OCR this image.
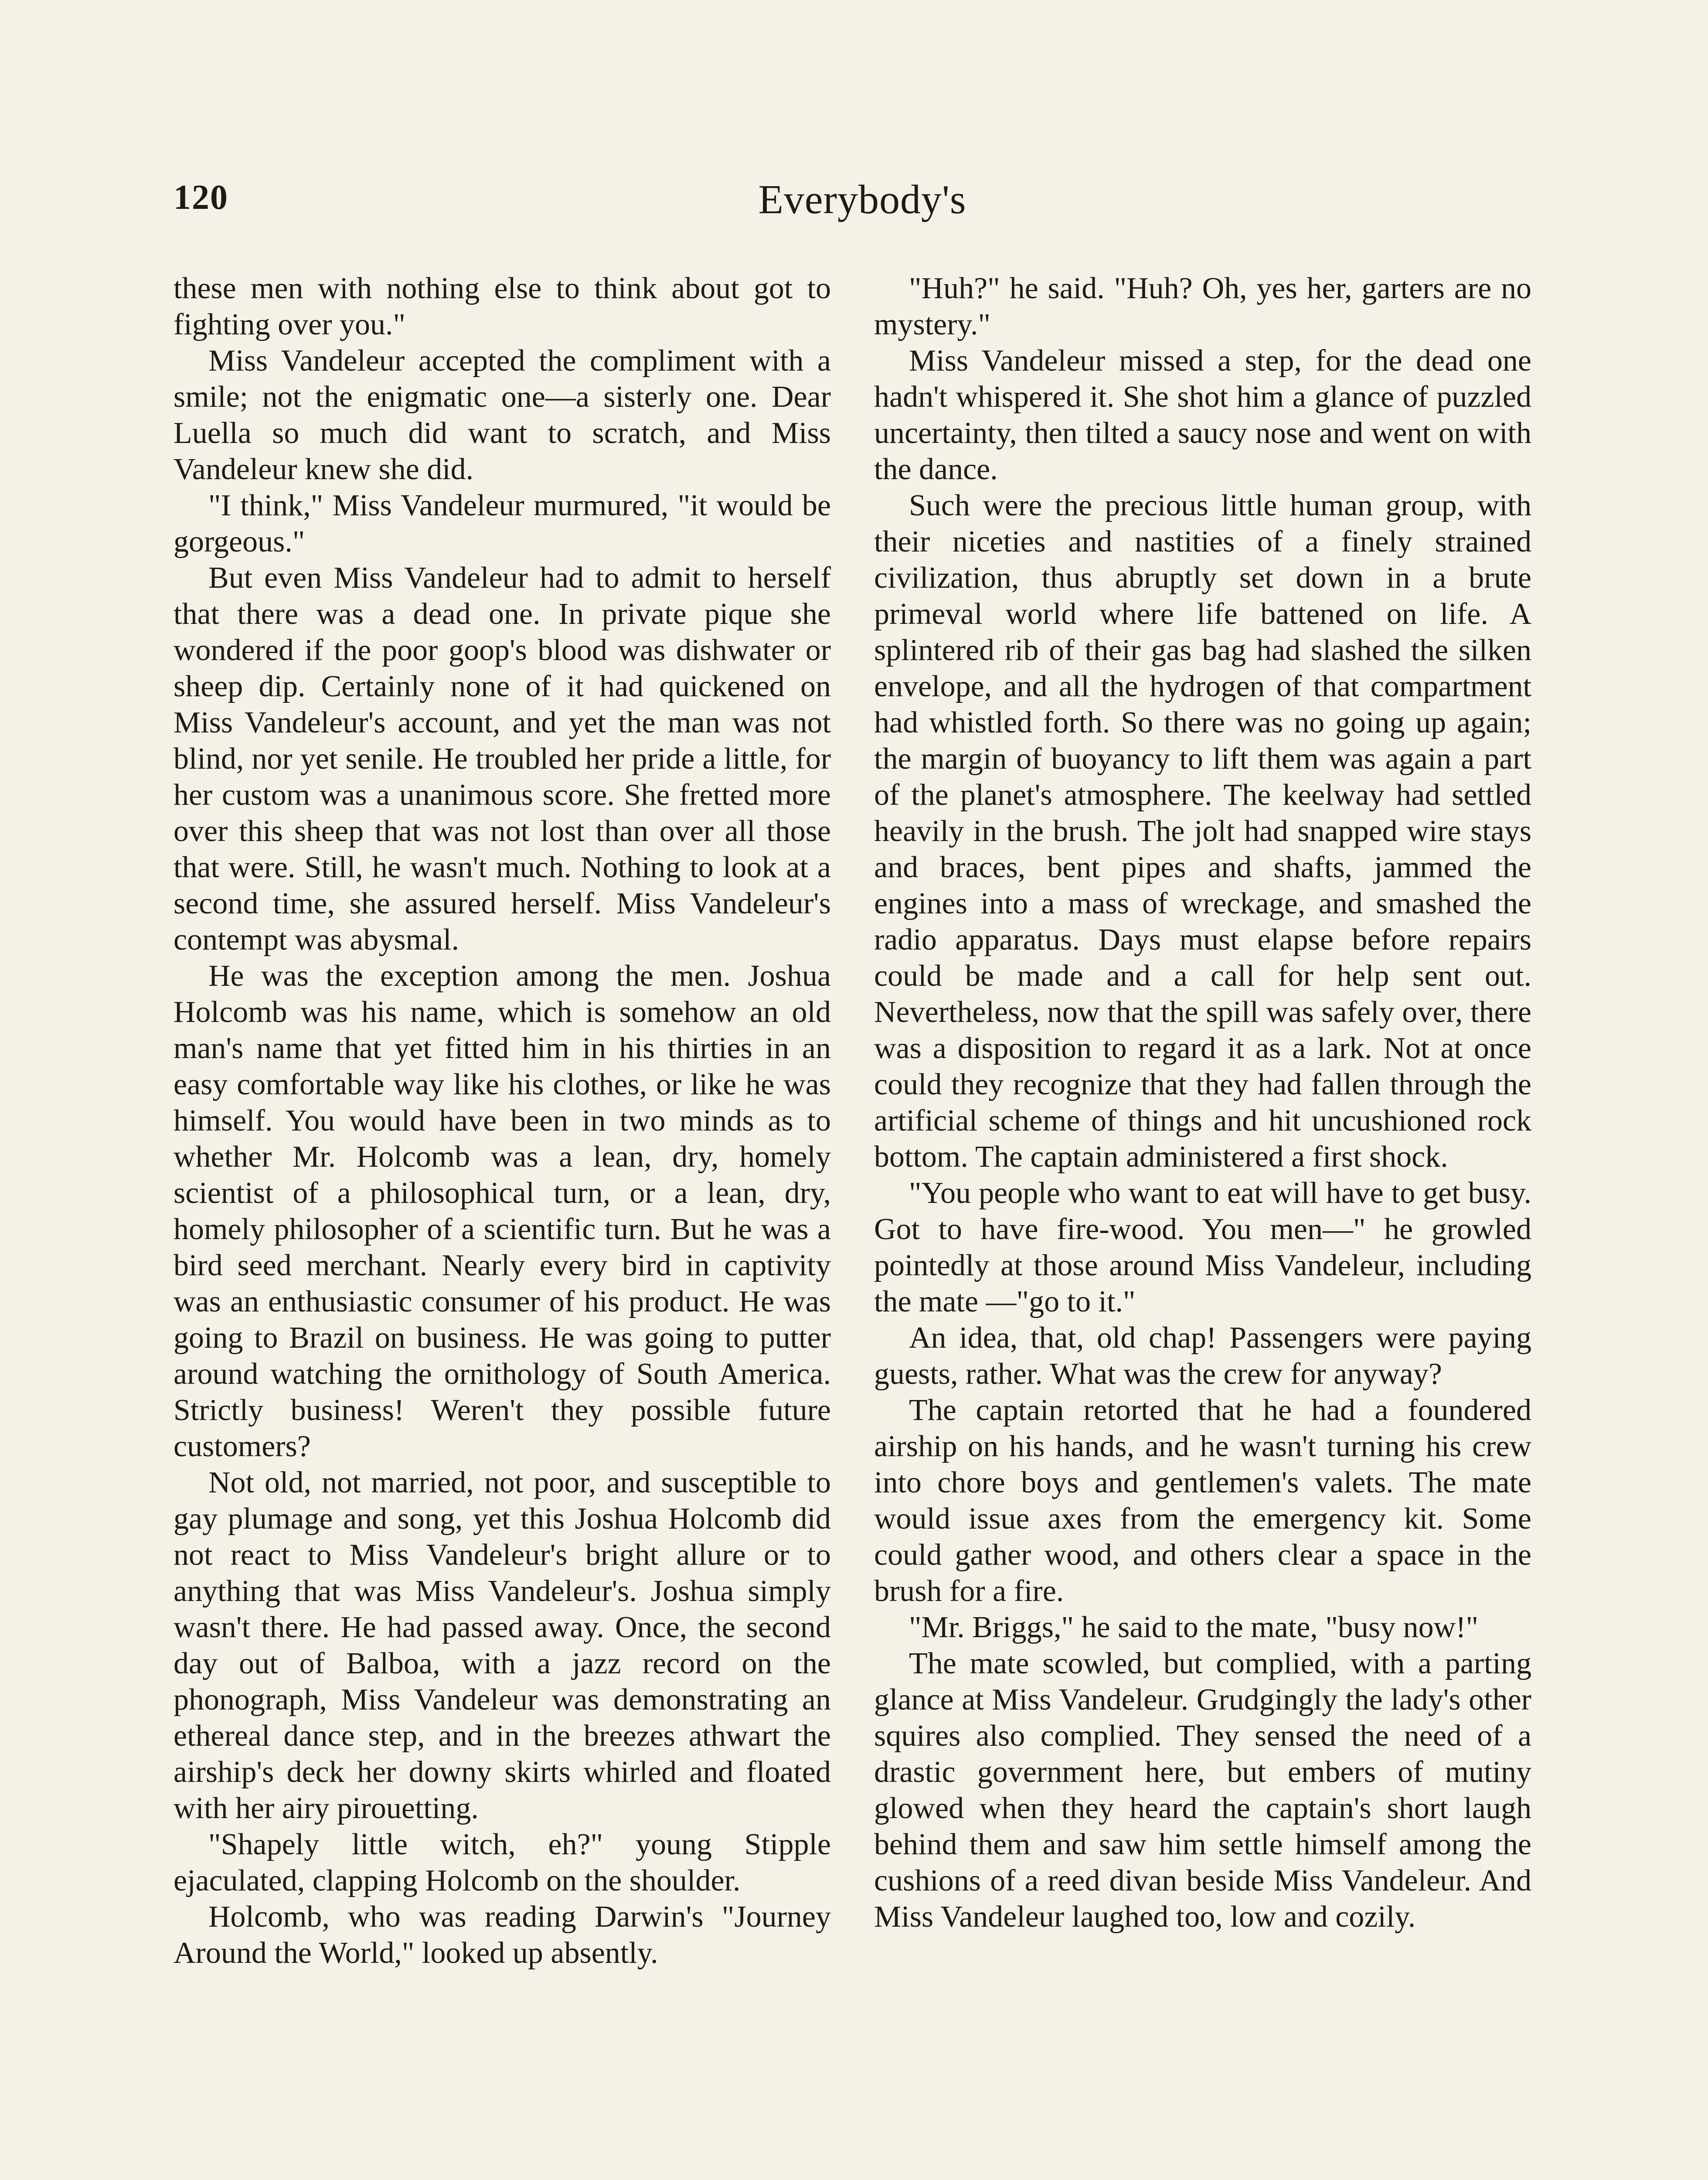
120	Everybody's

these men with nothing else to think about got to fighting over you."

Miss Vandeleur accepted the compliment with a smile; not the enigmatic one—a sisterly one. Dear Luella so much did want to scratch, and Miss Vandeleur knew she did.

"I think," Miss Vandeleur murmured, "it would be gorgeous."

But even Miss Vandeleur had to admit to herself that there was a dead one. In private pique she wondered if the poor goop's blood was dishwater or sheep dip. Certainly none of it had quickened on Miss Vandeleur's account, and yet the man was not blind, nor yet senile. He troubled her pride a little, for her custom was a unanimous score. She fretted more over this sheep that was not lost than over all those that were. Still, he wasn't much. Nothing to look at a second time, she assured herself. Miss Vandeleur's contempt was abysmal.

He was the exception among the men. Joshua Holcomb was his name, which is somehow an old man's name that yet fitted him in his thirties in an easy comfortable way like his clothes, or like he was himself. You would have been in two minds as to whether Mr. Holcomb was a lean, dry, homely scientist of a philosophical turn, or a lean, dry, homely philosopher of a scientific turn. But he was a bird seed merchant. Nearly every bird in captivity was an enthusiastic consumer of his product. He was going to Brazil on business. He was going to putter around watching the ornithology of South America. Strictly business! Weren't they possible future customers?

Not old, not married, not poor, and susceptible to gay plumage and song, yet this Joshua Holcomb did not react to Miss Vandeleur's bright allure or to anything that was Miss Vandeleur's. Joshua simply wasn't there. He had passed away. Once, the second day out of Balboa, with a jazz record on the phonograph, Miss Vandeleur was demonstrating an ethereal dance step, and in the breezes athwart the airship's deck her downy skirts whirled and floated with her airy pirouetting.

"Shapely little witch, eh?" young Stipple ejaculated, clapping Holcomb on the shoulder.

Holcomb, who was reading Darwin's "Journey Around the World," looked up absently.

"Huh?" he said. "Huh? Oh, yes her, garters are no mystery."

Miss Vandeleur missed a step, for the dead one hadn't whispered it. She shot him a glance of puzzled uncertainty, then tilted a saucy nose and went on with the dance.

Such were the precious little human group, with their niceties and nastities of a finely strained civilization, thus abruptly set down in a brute primeval world where life battened on life. A splintered rib of their gas bag had slashed the silken envelope, and all the hydrogen of that compartment had whistled forth. So there was no going up again; the margin of buoyancy to lift them was again a part of the planet's atmosphere. The keelway had settled heavily in the brush. The jolt had snapped wire stays and braces, bent pipes and shafts, jammed the engines into a mass of wreckage, and smashed the radio apparatus. Days must elapse before repairs could be made and a call for help sent out. Nevertheless, now that the spill was safely over, there was a disposition to regard it as a lark. Not at once could they recognize that they had fallen through the artificial scheme of things and hit uncushioned rock bottom. The captain administered a first shock.

"You people who want to eat will have to get busy. Got to have fire-wood. You men—" he growled pointedly at those around Miss Vandeleur, including the mate —"go to it."

An idea, that, old chap! Passengers were paying guests, rather. What was the crew for anyway?

The captain retorted that he had a foundered airship on his hands, and he wasn't turning his crew into chore boys and gentlemen's valets. The mate would issue axes from the emergency kit. Some could gather wood, and others clear a space in the brush for a fire.

"Mr. Briggs," he said to the mate, "busy now!"

The mate scowled, but complied, with a parting glance at Miss Vandeleur. Grudgingly the lady's other squires also complied. They sensed the need of a drastic government here, but embers of mutiny glowed when they heard the captain's short laugh behind them and saw him settle himself among the cushions of a reed divan beside Miss Vandeleur. And Miss Vandeleur laughed too, low and cozily.
